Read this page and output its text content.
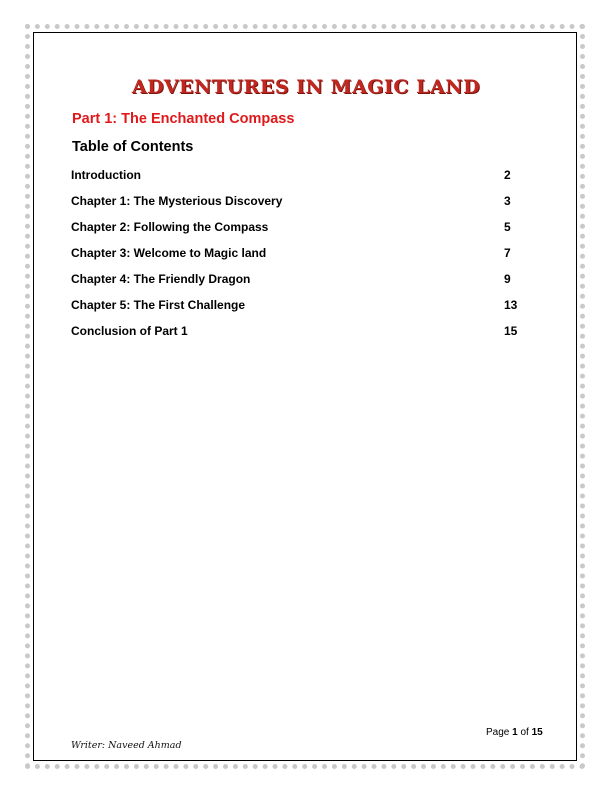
ADVENTURES IN MAGIC LAND
Part 1: The Enchanted Compass
Table of Contents
Introduction	2
Chapter 1: The Mysterious Discovery	3
Chapter 2: Following the Compass	5
Chapter 3: Welcome to Magic land	7
Chapter 4: The Friendly Dragon	9
Chapter 5: The First Challenge	13
Conclusion of Part 1	15
Page 1 of 15
Writer: Naveed Ahmad
